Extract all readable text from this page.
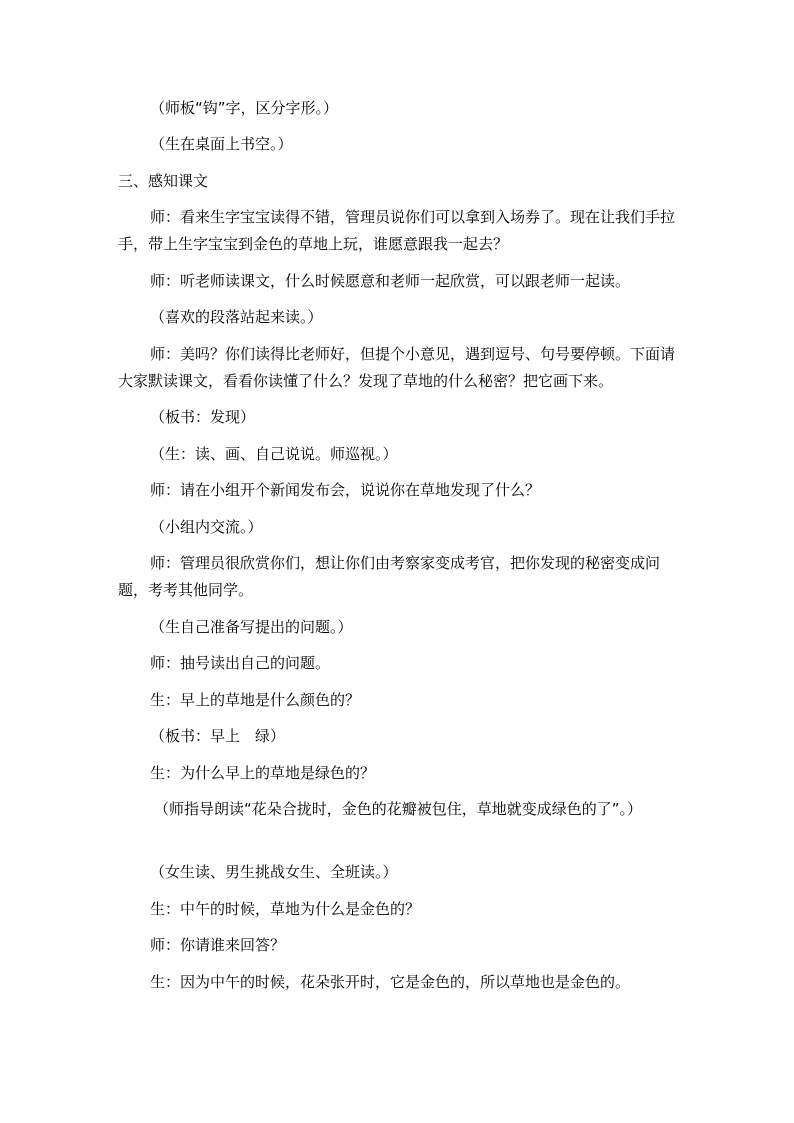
（师板“钩”字，区分字形。）

（生在桌面上书空。）

三、感知课文

师：看来生字宝宝读得不错，管理员说你们可以拿到入场券了。现在让我们手拉手，带上生字宝宝到金色的草地上玩，谁愿意跟我一起去？

师：听老师读课文，什么时候愿意和老师一起欣赏，可以跟老师一起读。

（喜欢的段落站起来读。）

师：美吗？你们读得比老师好，但提个小意见，遇到逗号、句号要停顿。下面请大家默读课文，看看你读懂了什么？发现了草地的什么秘密？把它画下来。

（板书：发现）

（生：读、画、自己说说。师巡视。）

师：请在小组开个新闻发布会，说说你在草地发现了什么？

（小组内交流。）

师：管理员很欣赏你们，想让你们由考察家变成考官，把你发现的秘密变成问题，考考其他同学。

（生自己准备写提出的问题。）

师：抽号读出自己的问题。

生：早上的草地是什么颜色的？

（板书：早上　绿）

生：为什么早上的草地是绿色的？

（师指导朗读“花朵合拢时，金色的花瓣被包住，草地就变成绿色的了”。）

（女生读、男生挑战女生、全班读。）

生：中午的时候，草地为什么是金色的？

师：你请谁来回答？

生：因为中午的时候，花朵张开时，它是金色的，所以草地也是金色的。
